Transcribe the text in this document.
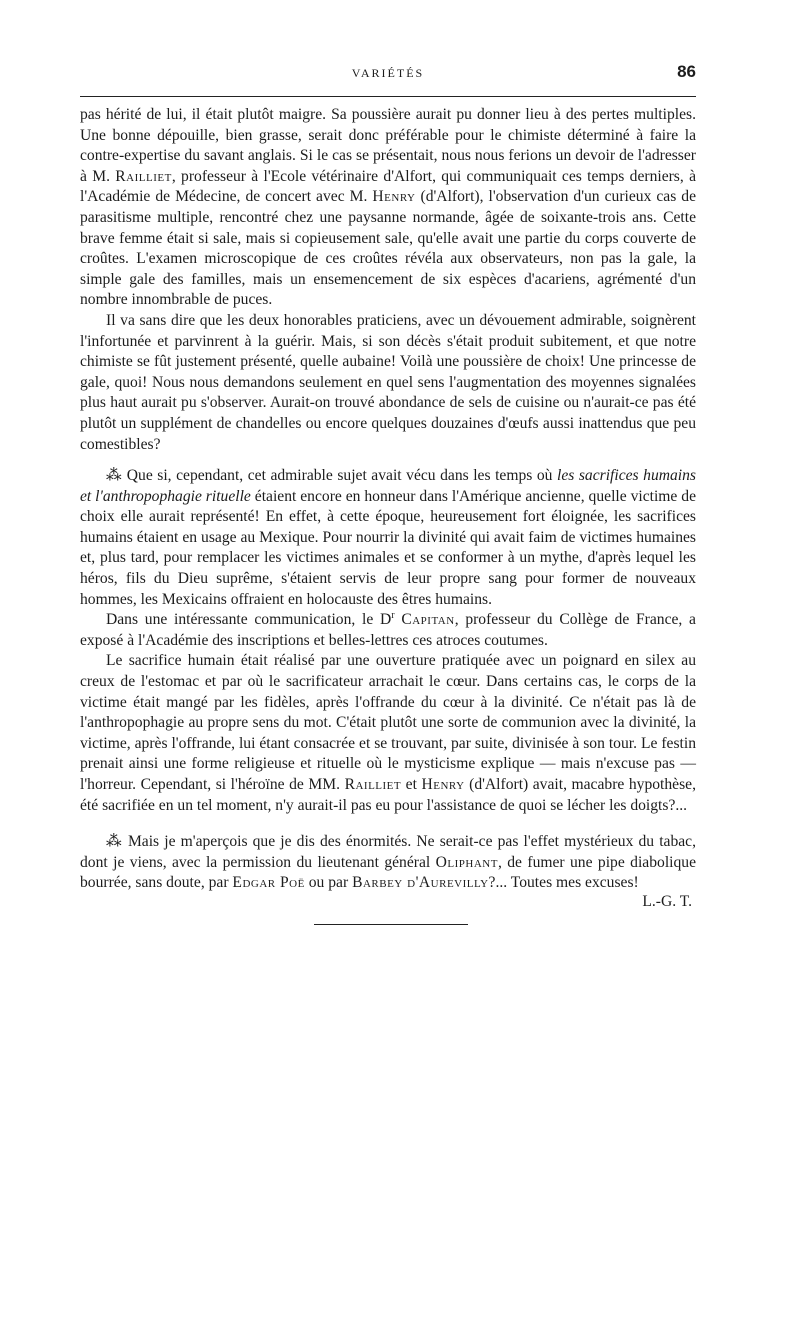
VARIÉTÉS	86

pas hérité de lui, il était plutôt maigre. Sa poussière aurait pu donner lieu à des pertes multiples. Une bonne dépouille, bien grasse, serait donc préférable pour le chimiste déterminé à faire la contre-expertise du savant anglais. Si le cas se présentait, nous nous ferions un devoir de l'adresser à M. Railliet, professeur à l'Ecole vétérinaire d'Alfort, qui communiquait ces temps derniers, à l'Académie de Médecine, de concert avec M. Henry (d'Alfort), l'observation d'un curieux cas de parasitisme multiple, rencontré chez une paysanne normande, âgée de soixante-trois ans. Cette brave femme était si sale, mais si copieusement sale, qu'elle avait une partie du corps couverte de croûtes. L'examen microscopique de ces croûtes révéla aux observateurs, non pas la gale, la simple gale des familles, mais un ensemencement de six espèces d'acariens, agrémenté d'un nombre innombrable de puces.

Il va sans dire que les deux honorables praticiens, avec un dévouement admirable, soignèrent l'infortunée et parvinrent à la guérir. Mais, si son décès s'était produit subitement, et que notre chimiste se fût justement présenté, quelle aubaine! Voilà une poussière de choix! Une princesse de gale, quoi! Nous nous demandons seulement en quel sens l'augmentation des moyennes signalées plus haut aurait pu s'observer. Aurait-on trouvé abondance de sels de cuisine ou n'aurait-ce pas été plutôt un supplément de chandelles ou encore quelques douzaines d'œufs aussi inattendus que peu comestibles?

⁂ Que si, cependant, cet admirable sujet avait vécu dans les temps où les sacrifices humains et l'anthropophagie rituelle étaient encore en honneur dans l'Amérique ancienne, quelle victime de choix elle aurait représenté! En effet, à cette époque, heureusement fort éloignée, les sacrifices humains étaient en usage au Mexique. Pour nourrir la divinité qui avait faim de victimes humaines et, plus tard, pour remplacer les victimes animales et se conformer à un mythe, d'après lequel les héros, fils du Dieu suprême, s'étaient servis de leur propre sang pour former de nouveaux hommes, les Mexicains offraient en holocauste des êtres humains.

Dans une intéressante communication, le $D^r$ Capitan, professeur du Collège de France, a exposé à l'Académie des inscriptions et belles-lettres ces atroces coutumes.

Le sacrifice humain était réalisé par une ouverture pratiquée avec un poignard en silex au creux de l'estomac et par où le sacrificateur arrachait le cœur. Dans certains cas, le corps de la victime était mangé par les fidèles, après l'offrande du cœur à la divinité. Ce n'était pas là de l'anthropophagie au propre sens du mot. C'était plutôt une sorte de communion avec la divinité, la victime, après l'offrande, lui étant consacrée et se trouvant, par suite, divinisée à son tour. Le festin prenait ainsi une forme religieuse et rituelle où le mysticisme explique — mais n'excuse pas — l'horreur. Cependant, si l'héroïne de MM. Railliet et Henry (d'Alfort) avait, macabre hypothèse, été sacrifiée en un tel moment, n'y aurait-il pas eu pour l'assistance de quoi se lécher les doigts?...

⁂ Mais je m'aperçois que je dis des énormités. Ne serait-ce pas l'effet mystérieux du tabac, dont je viens, avec la permission du lieutenant général Oliphant, de fumer une pipe diabolique bourrée, sans doute, par Edgar Poë ou par Barbey d'Aurevilly?... Toutes mes excuses!

L.-G. T.
